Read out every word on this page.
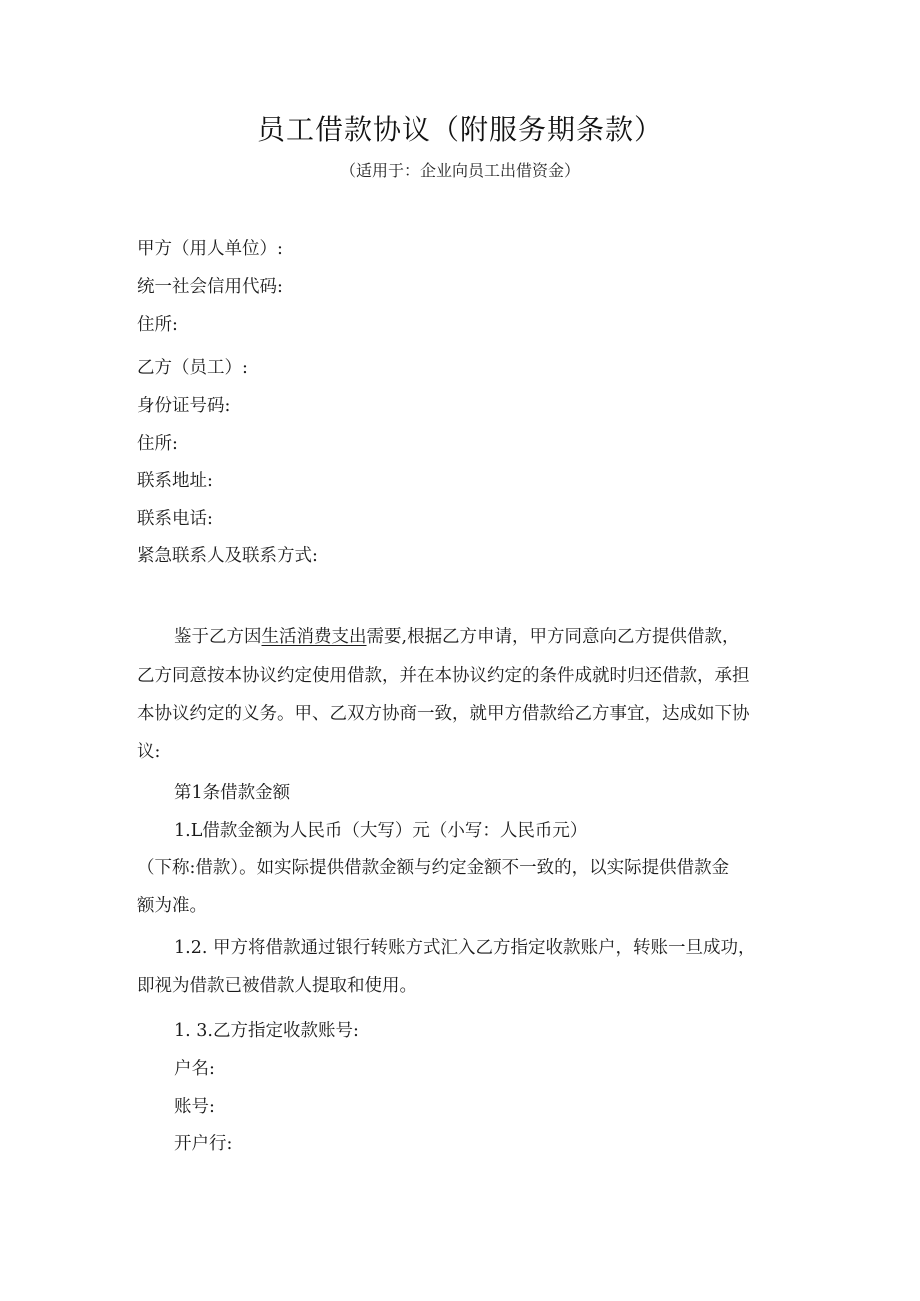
员工借款协议（附服务期条款）
（适用于：企业向员工出借资金）
甲方（用人单位）:
统一社会信用代码:
住所:
乙方（员工）:
身份证号码:
住所:
联系地址:
联系电话:
紧急联系人及联系方式:
鉴于乙方因生活消费支出需要,根据乙方申请，甲方同意向乙方提供借款，
乙方同意按本协议约定使用借款，并在本协议约定的条件成就时归还借款，承担
本协议约定的义务。甲、乙双方协商一致，就甲方借款给乙方事宜，达成如下协
议:
第1条借款金额
1.L借款金额为人民币（大写）元（小写：人民币元）
（下称:借款）。如实际提供借款金额与约定金额不一致的，以实际提供借款金
额为准。
1.2. 甲方将借款通过银行转账方式汇入乙方指定收款账户，转账一旦成功，
即视为借款已被借款人提取和使用。
1. 3.乙方指定收款账号:
户名:
账号:
开户行:
